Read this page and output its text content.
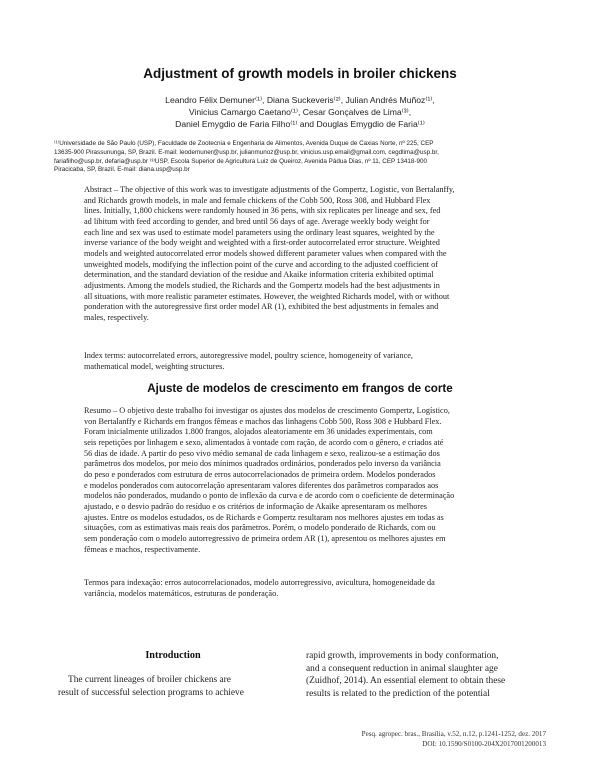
Adjustment of growth models in broiler chickens
Leandro Félix Demuner⁽¹⁾, Diana Suckeveris⁽²⁾, Julian Andrés Muñoz⁽¹⁾,
Vinicius Camargo Caetano⁽¹⁾, Cesar Gonçalves de Lima⁽³⁾,
Daniel Emygdio de Faria Filho⁽¹⁾ and Douglas Emygdio de Faria⁽¹⁾
⁽¹⁾Universidade de São Paulo (USP), Faculdade de Zootecnia e Engenharia de Alimentos, Avenida Duque de Caxias Norte, nº 225, CEP
13635-900 Pirassununga, SP, Brazil. E-mail: leodemuner@usp.br, julianmunoz@usp.br, vinicius.usp.email@gmail.com, cegdlima@usp.br,
fariafilho@usp.br, defaria@usp.br ⁽³⁾USP, Escola Superior de Agricultura Luiz de Queiroz, Avenida Pádua Dias, nº 11, CEP 13418-900
Piracicaba, SP, Brazil. E-mail: diana.usp@usp.br
Abstract – The objective of this work was to investigate adjustments of the Gompertz, Logistic, von Bertalanffy,
and Richards growth models, in male and female chickens of the Cobb 500, Ross 308, and Hubbard Flex
lines. Initially, 1,800 chickens were randomly housed in 36 pens, with six replicates per lineage and sex, fed
ad libitum with feed according to gender, and bred until 56 days of age. Average weekly body weight for
each line and sex was used to estimate model parameters using the ordinary least squares, weighted by the
inverse variance of the body weight and weighted with a first-order autocorrelated error structure. Weighted
models and weighted autocorrelated error models showed different parameter values when compared with the
unweighted models, modifying the inflection point of the curve and according to the adjusted coefficient of
determination, and the standard deviation of the residue and Akaike information criteria exhibited optimal
adjustments. Among the models studied, the Richards and the Gompertz models had the best adjustments in
all situations, with more realistic parameter estimates. However, the weighted Richards model, with or without
ponderation with the autoregressive first order model AR (1), exhibited the best adjustments in females and
males, respectively.
Index terms: autocorrelated errors, autoregressive model, poultry science, homogeneity of variance,
mathematical model, weighting structures.
Ajuste de modelos de crescimento em frangos de corte
Resumo – O objetivo deste trabalho foi investigar os ajustes dos modelos de crescimento Gompertz, Logístico,
von Bertalanffy e Richards em frangos fêmeas e machos das linhagens Cobb 500, Ross 308 e Hubbard Flex.
Foram inicialmente utilizados 1.800 frangos, alojados aleatoriamente em 36 unidades experimentais, com
seis repetições por linhagem e sexo, alimentados à vontade com ração, de acordo com o gênero, e criados até
56 dias de idade. A partir do peso vivo médio semanal de cada linhagem e sexo, realizou-se a estimação dos
parâmetros dos modelos, por meio dos mínimos quadrados ordinários, ponderados pelo inverso da variância
do peso e ponderados com estrutura de erros autocorrelacionados de primeira ordem. Modelos ponderados
e modelos ponderados com autocorrelação apresentaram valores diferentes dos parâmetros comparados aos
modelos não ponderados, mudando o ponto de inflexão da curva e de acordo com o coeficiente de determinação
ajustado, e o desvio padrão do resíduo e os critérios de informação de Akaike apresentaram os melhores
ajustes. Entre os modelos estudados, os de Richards e Gompertz resultaram nos melhores ajustes em todas as
situações, com as estimativas mais reais dos parâmetros. Porém, o modelo ponderado de Richards, com ou
sem ponderação com o modelo autorregressivo de primeira ordem AR (1), apresentou os melhores ajustes em
fêmeas e machos, respectivamente.
Termos para indexação: erros autocorrelacionados, modelo autorregressivo, avicultura, homogeneidade da
variância, modelos matemáticos, estruturas de ponderação.
Introduction
The current lineages of broiler chickens are
result of successful selection programs to achieve
rapid growth, improvements in body conformation,
and a consequent reduction in animal slaughter age
(Zuidhof, 2014). An essential element to obtain these
results is related to the prediction of the potential
Pesq. agropec. bras., Brasília, v.52, n.12, p.1241-1252, dez. 2017
DOI: 10.1590/S0100-204X2017001200013
